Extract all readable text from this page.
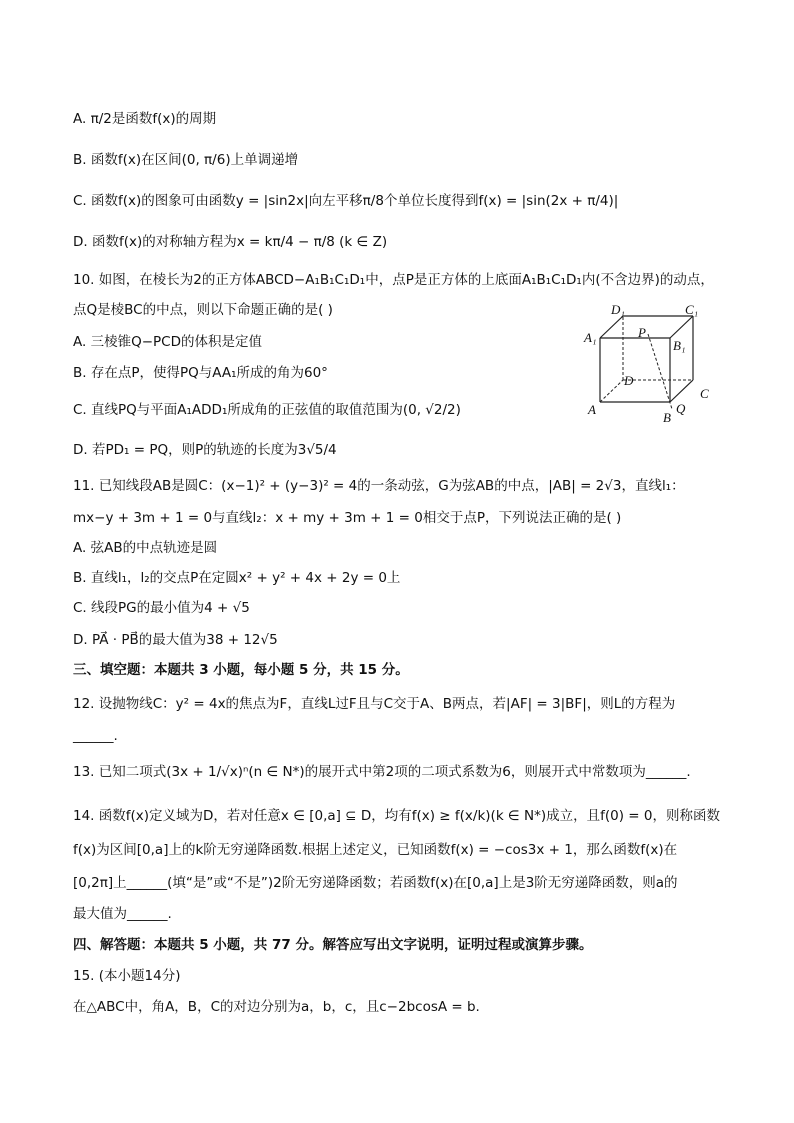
A. π/2是函数f(x)的周期
B. 函数f(x)在区间(0, π/6)上单调递增
C. 函数f(x)的图象可由函数y = |sin2x|向左平移π/8个单位长度得到f(x) = |sin(2x + π/4)|
D. 函数f(x)的对称轴方程为x = kπ/4 − π/8 (k ∈ Z)
10. 如图，在棱长为2的正方体ABCD−A₁B₁C₁D₁中，点P是正方体的上底面A₁B₁C₁D₁内(不含边界)的动点，
点Q是棱BC的中点，则以下命题正确的是( )
A. 三棱锥Q−PCD的体积是定值
B. 存在点P，使得PQ与AA₁所成的角为60°
C. 直线PQ与平面A₁ADD₁所成角的正弦值的取值范围为(0, √2/2)
D. 若PD₁ = PQ，则P的轨迹的长度为3√5/4
11. 已知线段AB是圆C：(x−1)² + (y−3)² = 4的一条动弦，G为弦AB的中点，|AB| = 2√3，直线l₁：
mx−y + 3m + 1 = 0与直线l₂：x + my + 3m + 1 = 0相交于点P，下列说法正确的是( )
A. 弦AB的中点轨迹是圆
B. 直线l₁，l₂的交点P在定圆x² + y² + 4x + 2y = 0上
C. 线段PG的最小值为4 + √5
D. PA⃗ · PB⃗的最大值为38 + 12√5
三、填空题：本题共 3 小题，每小题 5 分，共 15 分。
12. 设抛物线C：y² = 4x的焦点为F，直线L过F且与C交于A、B两点，若|AF| = 3|BF|，则L的方程为
______.
13. 已知二项式(3x + 1/√x)ⁿ(n ∈ N*)的展开式中第2项的二项式系数为6，则展开式中常数项为______.
14. 函数f(x)定义域为D，若对任意x ∈ [0,a] ⊆ D，均有f(x) ≥ f(x/k)(k ∈ N*)成立，且f(0) = 0，则称函数
f(x)为区间[0,a]上的k阶无穷递降函数.根据上述定义，已知函数f(x) = −cos3x + 1，那么函数f(x)在
[0,2π]上______(填“是”或“不是”)2阶无穷递降函数；若函数f(x)在[0,a]上是3阶无穷递降函数，则a的
最大值为______.
四、解答题：本题共 5 小题，共 77 分。解答应写出文字说明，证明过程或演算步骤。
15. (本小题14分)
在△ABC中，角A，B，C的对边分别为a，b，c，且c−2bcosA = b.
D₁	C₁
A₁
B₁
P
D
C
A
B
Q
